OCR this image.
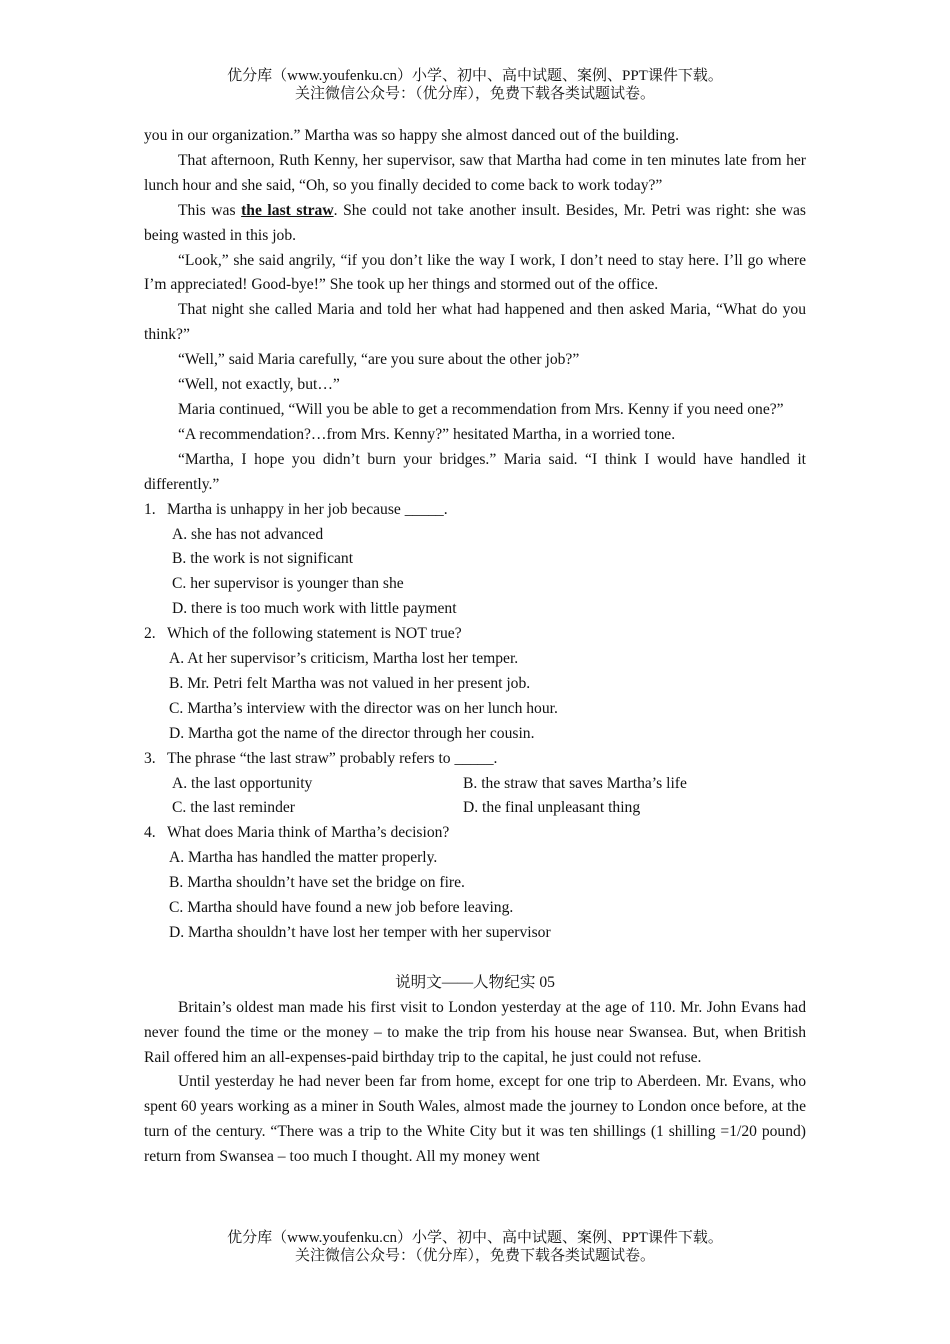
优分库（www.youfenku.cn）小学、初中、高中试题、案例、PPT课件下载。
关注微信公众号：（优分库），免费下载各类试题试卷。
you in our organization.” Martha was so happy she almost danced out of the building.
That afternoon, Ruth Kenny, her supervisor, saw that Martha had come in ten minutes late from her lunch hour and she said, “Oh, so you finally decided to come back to work today?”
This was the last straw. She could not take another insult. Besides, Mr. Petri was right: she was being wasted in this job.
“Look,” she said angrily, “if you don’t like the way I work, I don’t need to stay here. I’ll go where I’m appreciated! Good-bye!” She took up her things and stormed out of the office.
That night she called Maria and told her what had happened and then asked Maria, “What do you think?”
“Well,” said Maria carefully, “are you sure about the other job?”
“Well, not exactly, but…”
Maria continued, “Will you be able to get a recommendation from Mrs. Kenny if you need one?”
“A recommendation?…from Mrs. Kenny?” hesitated Martha, in a worried tone.
“Martha, I hope you didn’t burn your bridges.” Maria said. “I think I would have handled it differently.”
1. Martha is unhappy in her job because _____.
A. she has not advanced
B. the work is not significant
C. her supervisor is younger than she
D. there is too much work with little payment
2. Which of the following statement is NOT true?
A. At her supervisor’s criticism, Martha lost her temper.
B. Mr. Petri felt Martha was not valued in her present job.
C. Martha’s interview with the director was on her lunch hour.
D. Martha got the name of the director through her cousin.
3. The phrase “the last straw” probably refers to _____.
A. the last opportunity	B. the straw that saves Martha’s life
C. the last reminder	D. the final unpleasant thing
4. What does Maria think of Martha’s decision?
A. Martha has handled the matter properly.
B. Martha shouldn’t have set the bridge on fire.
C. Martha should have found a new job before leaving.
D. Martha shouldn’t have lost her temper with her supervisor
说明文——人物纪实 05
Britain’s oldest man made his first visit to London yesterday at the age of 110. Mr. John Evans had never found the time or the money – to make the trip from his house near Swansea. But, when British Rail offered him an all-expenses-paid birthday trip to the capital, he just could not refuse.
Until yesterday he had never been far from home, except for one trip to Aberdeen. Mr. Evans, who spent 60 years working as a miner in South Wales, almost made the journey to London once before, at the turn of the century. “There was a trip to the White City but it was ten shillings (1 shilling =1/20 pound) return from Swansea – too much I thought. All my money went
优分库（www.youfenku.cn）小学、初中、高中试题、案例、PPT课件下载。
关注微信公众号：（优分库），免费下载各类试题试卷。
